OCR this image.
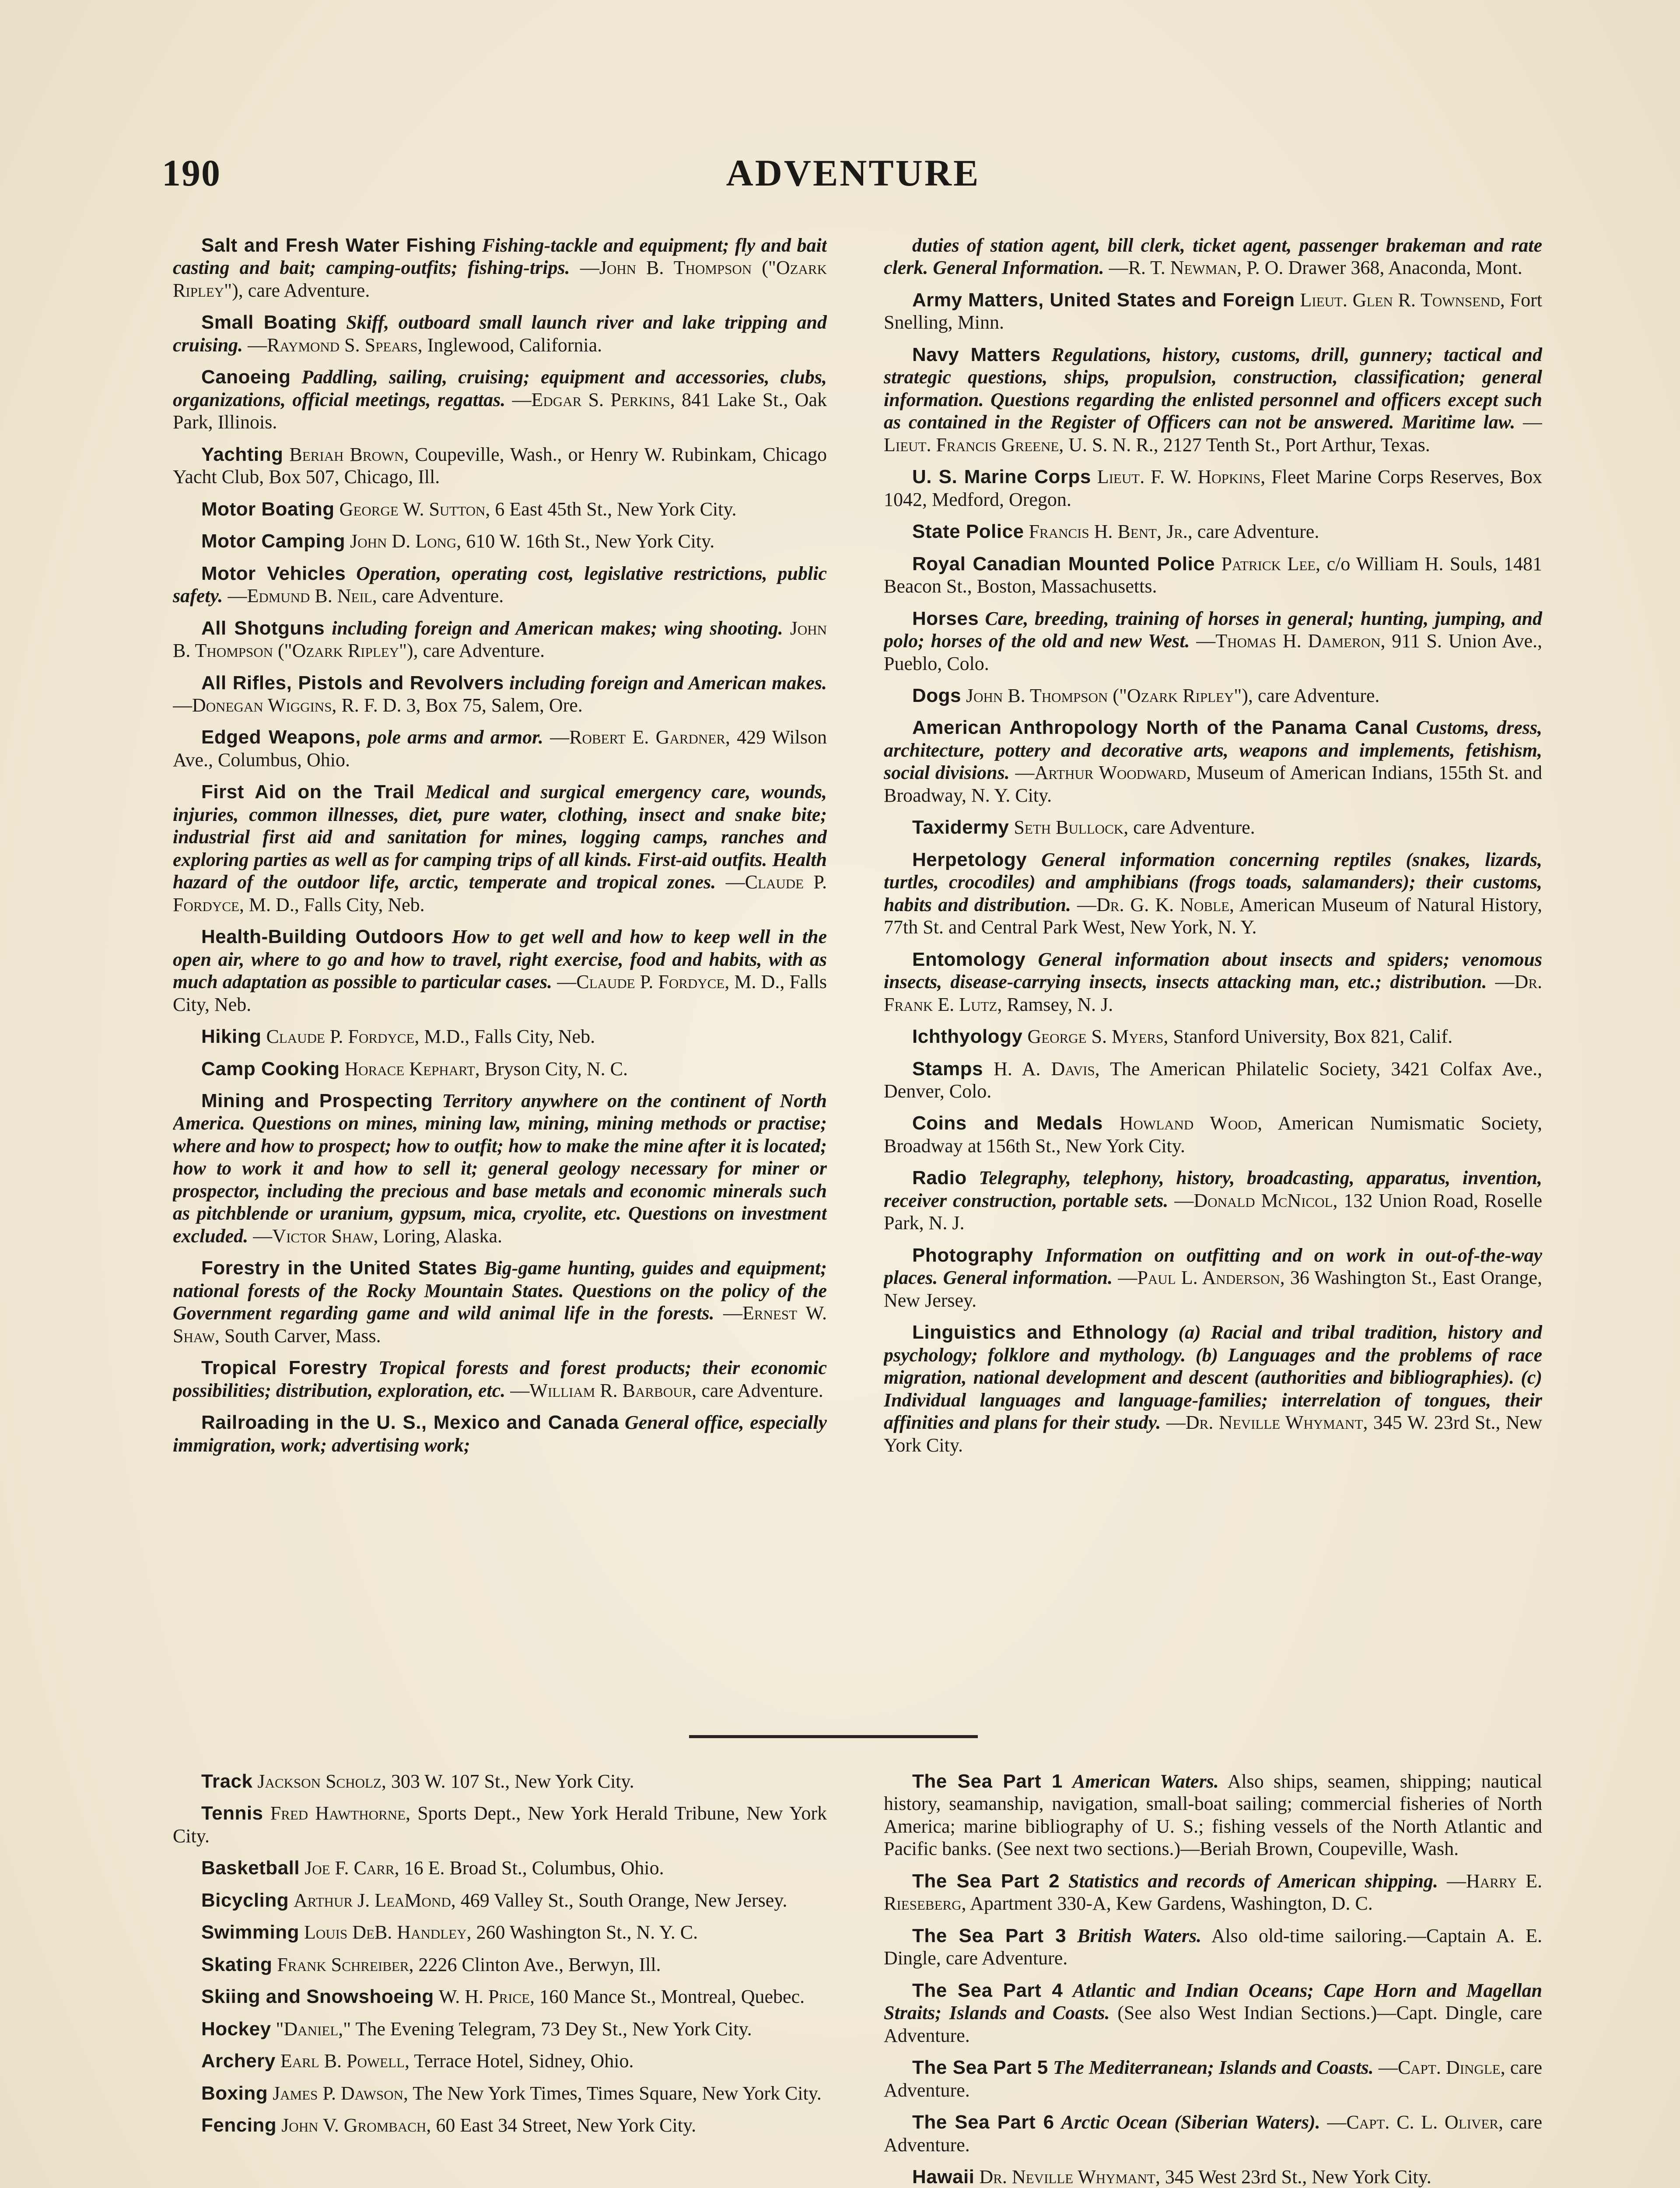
190	ADVENTURE

Salt and Fresh Water Fishing Fishing-tackle and equipment; fly and bait casting and bait; camping-outfits; fishing-trips. —John B. Thompson ("Ozark Ripley"), care Adventure.

Small Boating Skiff, outboard small launch river and lake tripping and cruising. —Raymond S. Spears, Inglewood, California.

Canoeing Paddling, sailing, cruising; equipment and accessories, clubs, organizations, official meetings, regattas. —Edgar S. Perkins, 841 Lake St., Oak Park, Illinois.

Yachting Beriah Brown, Coupeville, Wash., or Henry W. Rubinkam, Chicago Yacht Club, Box 507, Chicago, Ill.

Motor Boating George W. Sutton, 6 East 45th St., New York City.

Motor Camping John D. Long, 610 W. 16th St., New York City.

Motor Vehicles Operation, operating cost, legislative restrictions, public safety. —Edmund B. Neil, care Adventure.

All Shotguns including foreign and American makes; wing shooting. John B. Thompson ("Ozark Ripley"), care Adventure.

All Rifles, Pistols and Revolvers including foreign and American makes. —Donegan Wiggins, R. F. D. 3, Box 75, Salem, Ore.

Edged Weapons, pole arms and armor. —Robert E. Gardner, 429 Wilson Ave., Columbus, Ohio.

First Aid on the Trail Medical and surgical emergency care, wounds, injuries, common illnesses, diet, pure water, clothing, insect and snake bite; industrial first aid and sanitation for mines, logging camps, ranches and exploring parties as well as for camping trips of all kinds. First-aid outfits. Health hazard of the outdoor life, arctic, temperate and tropical zones. —Claude P. Fordyce, M. D., Falls City, Neb.

Health-Building Outdoors How to get well and how to keep well in the open air, where to go and how to travel, right exercise, food and habits, with as much adaptation as possible to particular cases. —Claude P. Fordyce, M. D., Falls City, Neb.

Hiking Claude P. Fordyce, M.D., Falls City, Neb.

Camp Cooking Horace Kephart, Bryson City, N. C.

Mining and Prospecting Territory anywhere on the continent of North America. Questions on mines, mining law, mining, mining methods or practise; where and how to prospect; how to outfit; how to make the mine after it is located; how to work it and how to sell it; general geology necessary for miner or prospector, including the precious and base metals and economic minerals such as pitchblende or uranium, gypsum, mica, cryolite, etc. Questions on investment excluded. —Victor Shaw, Loring, Alaska.

Forestry in the United States Big-game hunting, guides and equipment; national forests of the Rocky Mountain States. Questions on the policy of the Government regarding game and wild animal life in the forests. —Ernest W. Shaw, South Carver, Mass.

Tropical Forestry Tropical forests and forest products; their economic possibilities; distribution, exploration, etc. —William R. Barbour, care Adventure.

Railroading in the U. S., Mexico and Canada General office, especially immigration, work; advertising work;

duties of station agent, bill clerk, ticket agent, passenger brakeman and rate clerk. General Information. —R. T. Newman, P. O. Drawer 368, Anaconda, Mont.

Army Matters, United States and Foreign Lieut. Glen R. Townsend, Fort Snelling, Minn.

Navy Matters Regulations, history, customs, drill, gunnery; tactical and strategic questions, ships, propulsion, construction, classification; general information. Questions regarding the enlisted personnel and officers except such as contained in the Register of Officers can not be answered. Maritime law. —Lieut. Francis Greene, U. S. N. R., 2127 Tenth St., Port Arthur, Texas.

U. S. Marine Corps Lieut. F. W. Hopkins, Fleet Marine Corps Reserves, Box 1042, Medford, Oregon.

State Police Francis H. Bent, Jr., care Adventure.

Royal Canadian Mounted Police Patrick Lee, c/o William H. Souls, 1481 Beacon St., Boston, Massachusetts.

Horses Care, breeding, training of horses in general; hunting, jumping, and polo; horses of the old and new West. —Thomas H. Dameron, 911 S. Union Ave., Pueblo, Colo.

Dogs John B. Thompson ("Ozark Ripley"), care Adventure.

American Anthropology North of the Panama Canal Customs, dress, architecture, pottery and decorative arts, weapons and implements, fetishism, social divisions. —Arthur Woodward, Museum of American Indians, 155th St. and Broadway, N. Y. City.

Taxidermy Seth Bullock, care Adventure.

Herpetology General information concerning reptiles (snakes, lizards, turtles, crocodiles) and amphibians (frogs toads, salamanders); their customs, habits and distribution. —Dr. G. K. Noble, American Museum of Natural History, 77th St. and Central Park West, New York, N. Y.

Entomology General information about insects and spiders; venomous insects, disease-carrying insects, insects attacking man, etc.; distribution. —Dr. Frank E. Lutz, Ramsey, N. J.

Ichthyology George S. Myers, Stanford University, Box 821, Calif.

Stamps H. A. Davis, The American Philatelic Society, 3421 Colfax Ave., Denver, Colo.

Coins and Medals Howland Wood, American Numismatic Society, Broadway at 156th St., New York City.

Radio Telegraphy, telephony, history, broadcasting, apparatus, invention, receiver construction, portable sets. —Donald McNicol, 132 Union Road, Roselle Park, N. J.

Photography Information on outfitting and on work in out-of-the-way places. General information. —Paul L. Anderson, 36 Washington St., East Orange, New Jersey.

Linguistics and Ethnology (a) Racial and tribal tradition, history and psychology; folklore and mythology. (b) Languages and the problems of race migration, national development and descent (authorities and bibliographies). (c) Individual languages and language-families; interrelation of tongues, their affinities and plans for their study. —Dr. Neville Whymant, 345 W. 23rd St., New York City.

Track Jackson Scholz, 303 W. 107 St., New York City.

Tennis Fred Hawthorne, Sports Dept., New York Herald Tribune, New York City.

Basketball Joe F. Carr, 16 E. Broad St., Columbus, Ohio.

Bicycling Arthur J. LeaMond, 469 Valley St., South Orange, New Jersey.

Swimming Louis DeB. Handley, 260 Washington St., N. Y. C.

Skating Frank Schreiber, 2226 Clinton Ave., Berwyn, Ill.

Skiing and Snowshoeing W. H. Price, 160 Mance St., Montreal, Quebec.

Hockey "Daniel," The Evening Telegram, 73 Dey St., New York City.

Archery Earl B. Powell, Terrace Hotel, Sidney, Ohio.

Boxing James P. Dawson, The New York Times, Times Square, New York City.

Fencing John V. Grombach, 60 East 34 Street, New York City.

The Sea Part 1 American Waters. Also ships, seamen, shipping; nautical history, seamanship, navigation, small-boat sailing; commercial fisheries of North America; marine bibliography of U. S.; fishing vessels of the North Atlantic and Pacific banks. (See next two sections.)—Beriah Brown, Coupeville, Wash.

The Sea Part 2 Statistics and records of American shipping. —Harry E. Rieseberg, Apartment 330-A, Kew Gardens, Washington, D. C.

The Sea Part 3 British Waters. Also old-time sailoring.—Captain A. E. Dingle, care Adventure.

The Sea Part 4 Atlantic and Indian Oceans; Cape Horn and Magellan Straits; Islands and Coasts. (See also West Indian Sections.)—Capt. Dingle, care Adventure.

The Sea Part 5 The Mediterranean; Islands and Coasts. —Capt. Dingle, care Adventure.

The Sea Part 6 Arctic Ocean (Siberian Waters). —Capt. C. L. Oliver, care Adventure.

Hawaii Dr. Neville Whymant, 345 West 23rd St., New York City.
